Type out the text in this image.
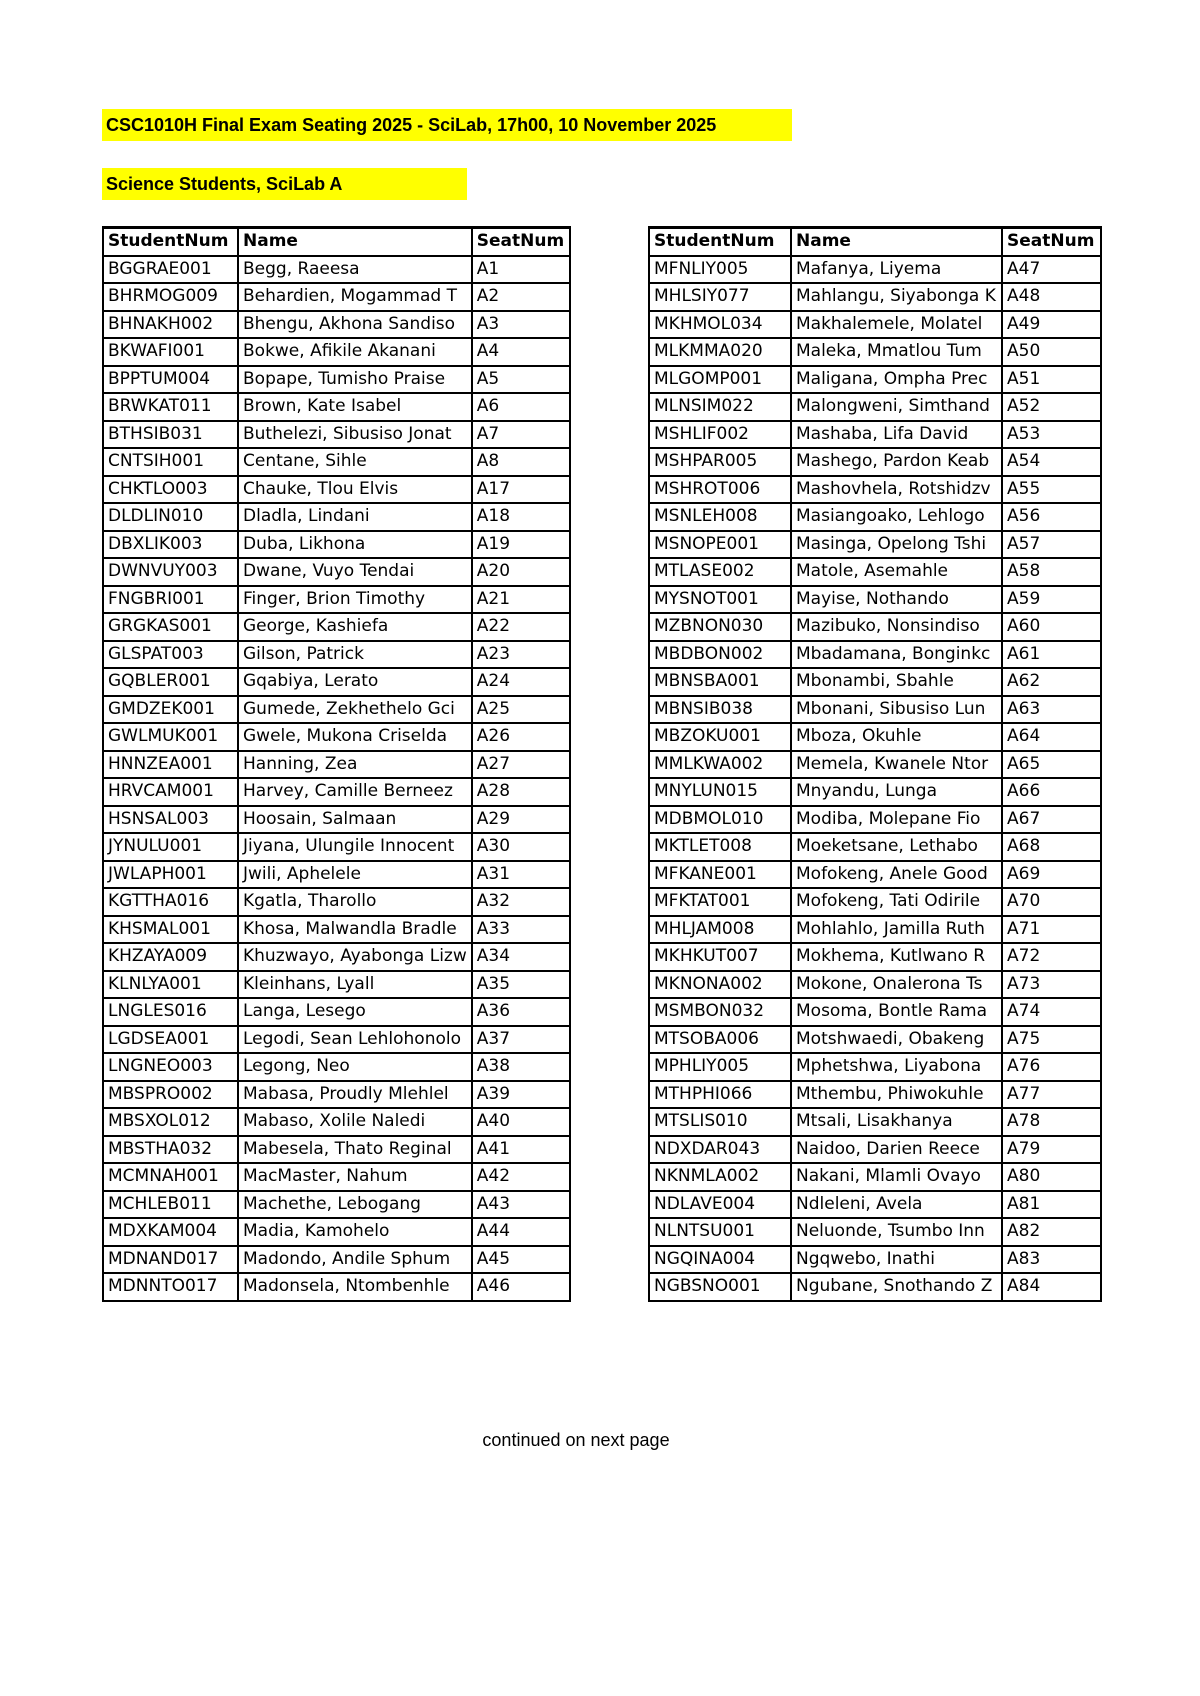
CSC1010H Final Exam Seating 2025 - SciLab, 17h00, 10 November 2025
Science Students, SciLab A
StudentNum	Name	SeatNum
BGGRAE001	Begg, Raeesa	A1
BHRMOG009	Behardien, Mogammad T	A2
BHNAKH002	Bhengu, Akhona Sandiso	A3
BKWAFI001	Bokwe, Afikile Akanani	A4
BPPTUM004	Bopape, Tumisho Praise	A5
BRWKAT011	Brown, Kate Isabel	A6
BTHSIB031	Buthelezi, Sibusiso Jonat	A7
CNTSIH001	Centane, Sihle	A8
CHKTLO003	Chauke, Tlou Elvis	A17
DLDLIN010	Dladla, Lindani	A18
DBXLIK003	Duba, Likhona	A19
DWNVUY003	Dwane, Vuyo Tendai	A20
FNGBRI001	Finger, Brion Timothy	A21
GRGKAS001	George, Kashiefa	A22
GLSPAT003	Gilson, Patrick	A23
GQBLER001	Gqabiya, Lerato	A24
GMDZEK001	Gumede, Zekhethelo Gci	A25
GWLMUK001	Gwele, Mukona Criselda	A26
HNNZEA001	Hanning, Zea	A27
HRVCAM001	Harvey, Camille Berneez	A28
HSNSAL003	Hoosain, Salmaan	A29
JYNULU001	Jiyana, Ulungile Innocent	A30
JWLAPH001	Jwili, Aphelele	A31
KGTTHA016	Kgatla, Tharollo	A32
KHSMAL001	Khosa, Malwandla Bradle	A33
KHZAYA009	Khuzwayo, Ayabonga Lizw	A34
KLNLYA001	Kleinhans, Lyall	A35
LNGLES016	Langa, Lesego	A36
LGDSEA001	Legodi, Sean Lehlohonolo	A37
LNGNEO003	Legong, Neo	A38
MBSPRO002	Mabasa, Proudly Mlehlel	A39
MBSXOL012	Mabaso, Xolile Naledi	A40
MBSTHA032	Mabesela, Thato Reginal	A41
MCMNAH001	MacMaster, Nahum	A42
MCHLEB011	Machethe, Lebogang	A43
MDXKAM004	Madia, Kamohelo	A44
MDNAND017	Madondo, Andile Sphum	A45
MDNNTO017	Madonsela, Ntombenhle	A46
StudentNum	Name	SeatNum
MFNLIY005	Mafanya, Liyema	A47
MHLSIY077	Mahlangu, Siyabonga K	A48
MKHMOL034	Makhalemele, Molatel	A49
MLKMMA020	Maleka, Mmatlou Tum	A50
MLGOMP001	Maligana, Ompha Prec	A51
MLNSIM022	Malongweni, Simthand	A52
MSHLIF002	Mashaba, Lifa David	A53
MSHPAR005	Mashego, Pardon Keab	A54
MSHROT006	Mashovhela, Rotshidzv	A55
MSNLEH008	Masiangoako, Lehlogo	A56
MSNOPE001	Masinga, Opelong Tshi	A57
MTLASE002	Matole, Asemahle	A58
MYSNOT001	Mayise, Nothando	A59
MZBNON030	Mazibuko, Nonsindiso	A60
MBDBON002	Mbadamana, Bonginkc	A61
MBNSBA001	Mbonambi, Sbahle	A62
MBNSIB038	Mbonani, Sibusiso Lun	A63
MBZOKU001	Mboza, Okuhle	A64
MMLKWA002	Memela, Kwanele Ntor	A65
MNYLUN015	Mnyandu, Lunga	A66
MDBMOL010	Modiba, Molepane Fio	A67
MKTLET008	Moeketsane, Lethabo	A68
MFKANE001	Mofokeng, Anele Good	A69
MFKTAT001	Mofokeng, Tati Odirile	A70
MHLJAM008	Mohlahlo, Jamilla Ruth	A71
MKHKUT007	Mokhema, Kutlwano R	A72
MKNONA002	Mokone, Onalerona Ts	A73
MSMBON032	Mosoma, Bontle Rama	A74
MTSOBA006	Motshwaedi, Obakeng	A75
MPHLIY005	Mphetshwa, Liyabona	A76
MTHPHI066	Mthembu, Phiwokuhle	A77
MTSLIS010	Mtsali, Lisakhanya	A78
NDXDAR043	Naidoo, Darien Reece	A79
NKNMLA002	Nakani, Mlamli Ovayo	A80
NDLAVE004	Ndleleni, Avela	A81
NLNTSU001	Neluonde, Tsumbo Inn	A82
NGQINA004	Ngqwebo, Inathi	A83
NGBSNO001	Ngubane, Snothando Z	A84
continued on next page
